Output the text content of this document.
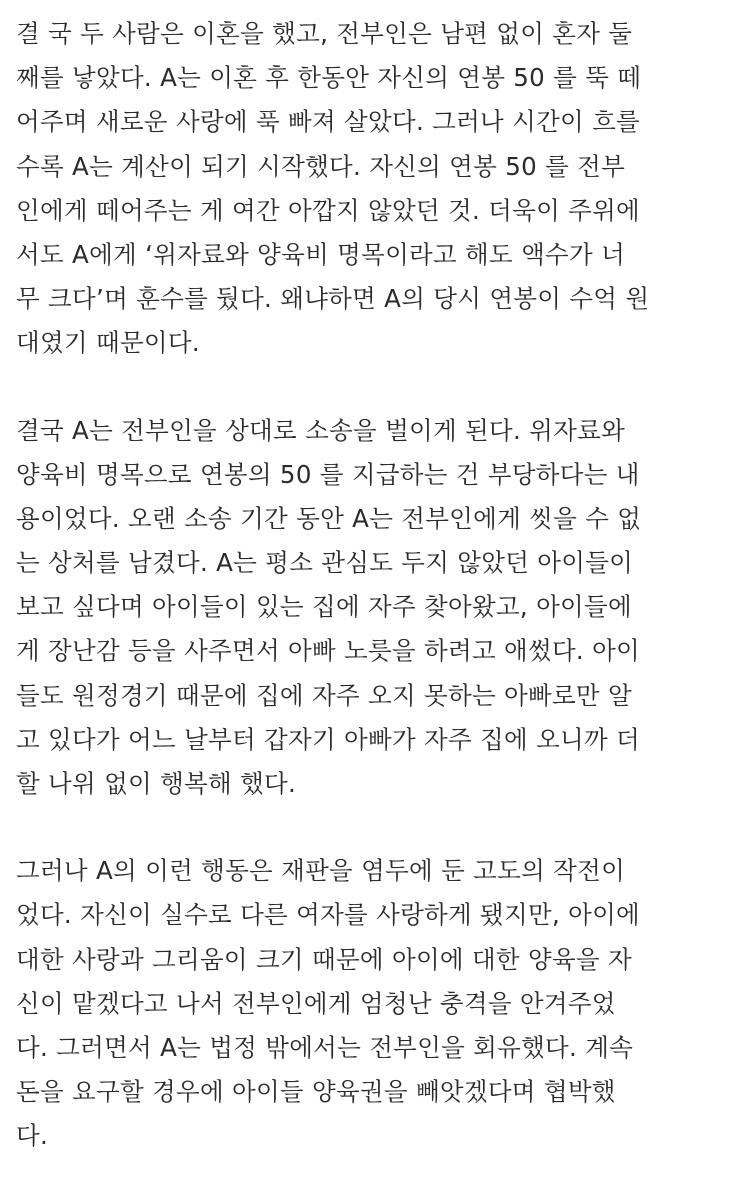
결 국 두 사람은 이혼을 했고, 전부인은 남편 없이 혼자 둘
째를 낳았다. A는 이혼 후 한동안 자신의 연봉 50 를 뚝 떼
어주며 새로운 사랑에 푹 빠져 살았다. 그러나 시간이 흐를
수록 A는 계산이 되기 시작했다. 자신의 연봉 50 를 전부
인에게 떼어주는 게 여간 아깝지 않았던 것. 더욱이 주위에
서도 A에게 ‘위자료와 양육비 명목이라고 해도 액수가 너
무 크다’며 훈수를 뒀다. 왜냐하면 A의 당시 연봉이 수억 원
대였기 때문이다.

결국 A는 전부인을 상대로 소송을 벌이게 된다. 위자료와
양육비 명목으로 연봉의 50 를 지급하는 건 부당하다는 내
용이었다. 오랜 소송 기간 동안 A는 전부인에게 씻을 수 없
는 상처를 남겼다. A는 평소 관심도 두지 않았던 아이들이
보고 싶다며 아이들이 있는 집에 자주 찾아왔고, 아이들에
게 장난감 등을 사주면서 아빠 노릇을 하려고 애썼다. 아이
들도 원정경기 때문에 집에 자주 오지 못하는 아빠로만 알
고 있다가 어느 날부터 갑자기 아빠가 자주 집에 오니까 더
할 나위 없이 행복해 했다.

그러나 A의 이런 행동은 재판을 염두에 둔 고도의 작전이
었다. 자신이 실수로 다른 여자를 사랑하게 됐지만, 아이에
대한 사랑과 그리움이 크기 때문에 아이에 대한 양육을 자
신이 맡겠다고 나서 전부인에게 엄청난 충격을 안겨주었
다. 그러면서 A는 법정 밖에서는 전부인을 회유했다. 계속
돈을 요구할 경우에 아이들 양육권을 빼앗겠다며 협박했
다.
